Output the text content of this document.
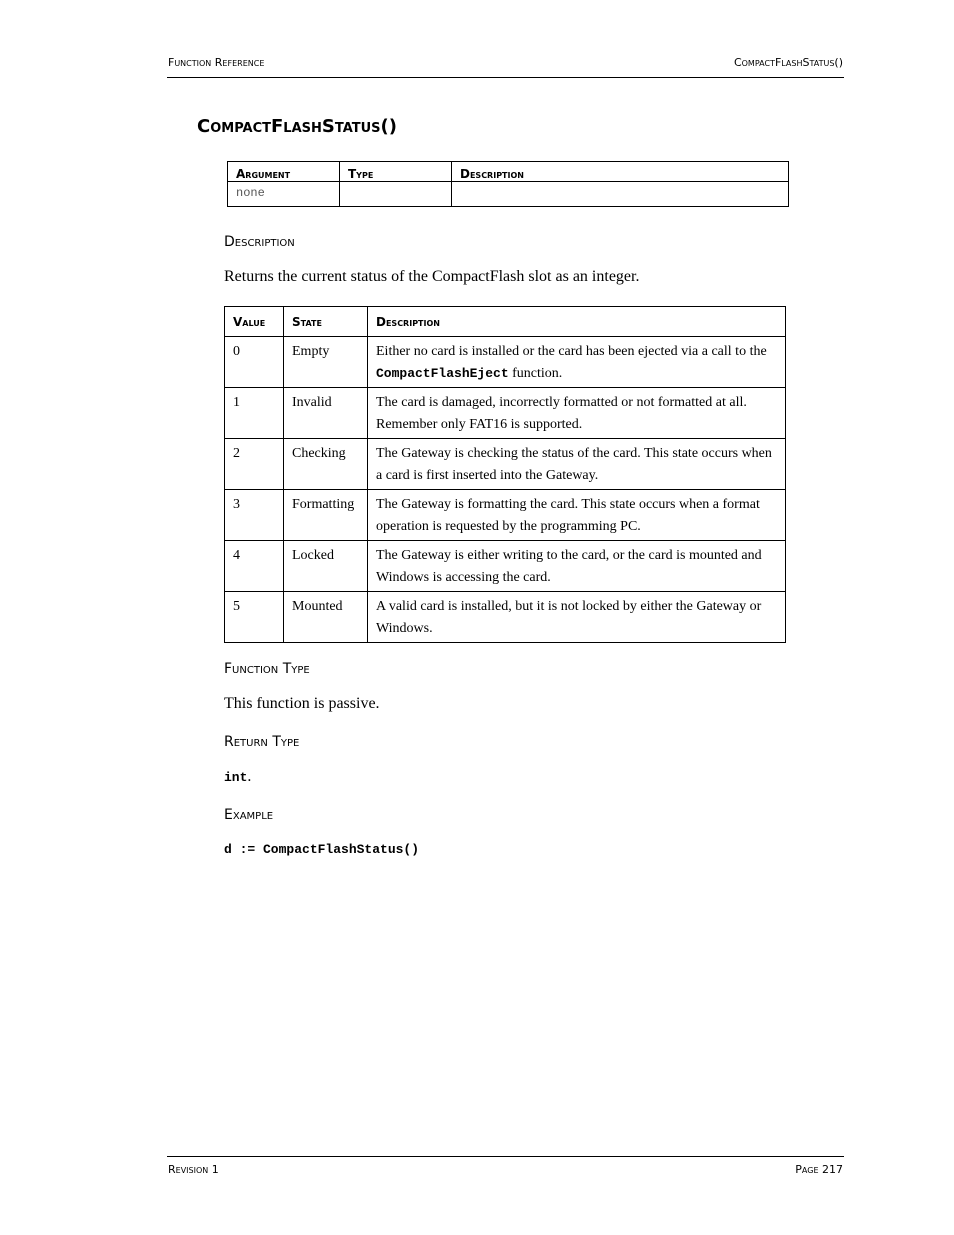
Function Reference	CompactFlashStatus()
CompactFlashStatus()
Argument	Type	Description
none		
Description

Returns the current status of the CompactFlash slot as an integer.

Value	State	Description
0	Empty	Either no card is installed or the card has been ejected via a call to the CompactFlashEject function.
1	Invalid	The card is damaged, incorrectly formatted or not formatted at all. Remember only FAT16 is supported.
2	Checking	The Gateway is checking the status of the card. This state occurs when a card is first inserted into the Gateway.
3	Formatting	The Gateway is formatting the card. This state occurs when a format operation is requested by the programming PC.
4	Locked	The Gateway is either writing to the card, or the card is mounted and Windows is accessing the card.
5	Mounted	A valid card is installed, but it is not locked by either the Gateway or Windows.
Function Type

This function is passive.

Return Type

int.

Example
d := CompactFlashStatus()
Revision 1	Page 217
